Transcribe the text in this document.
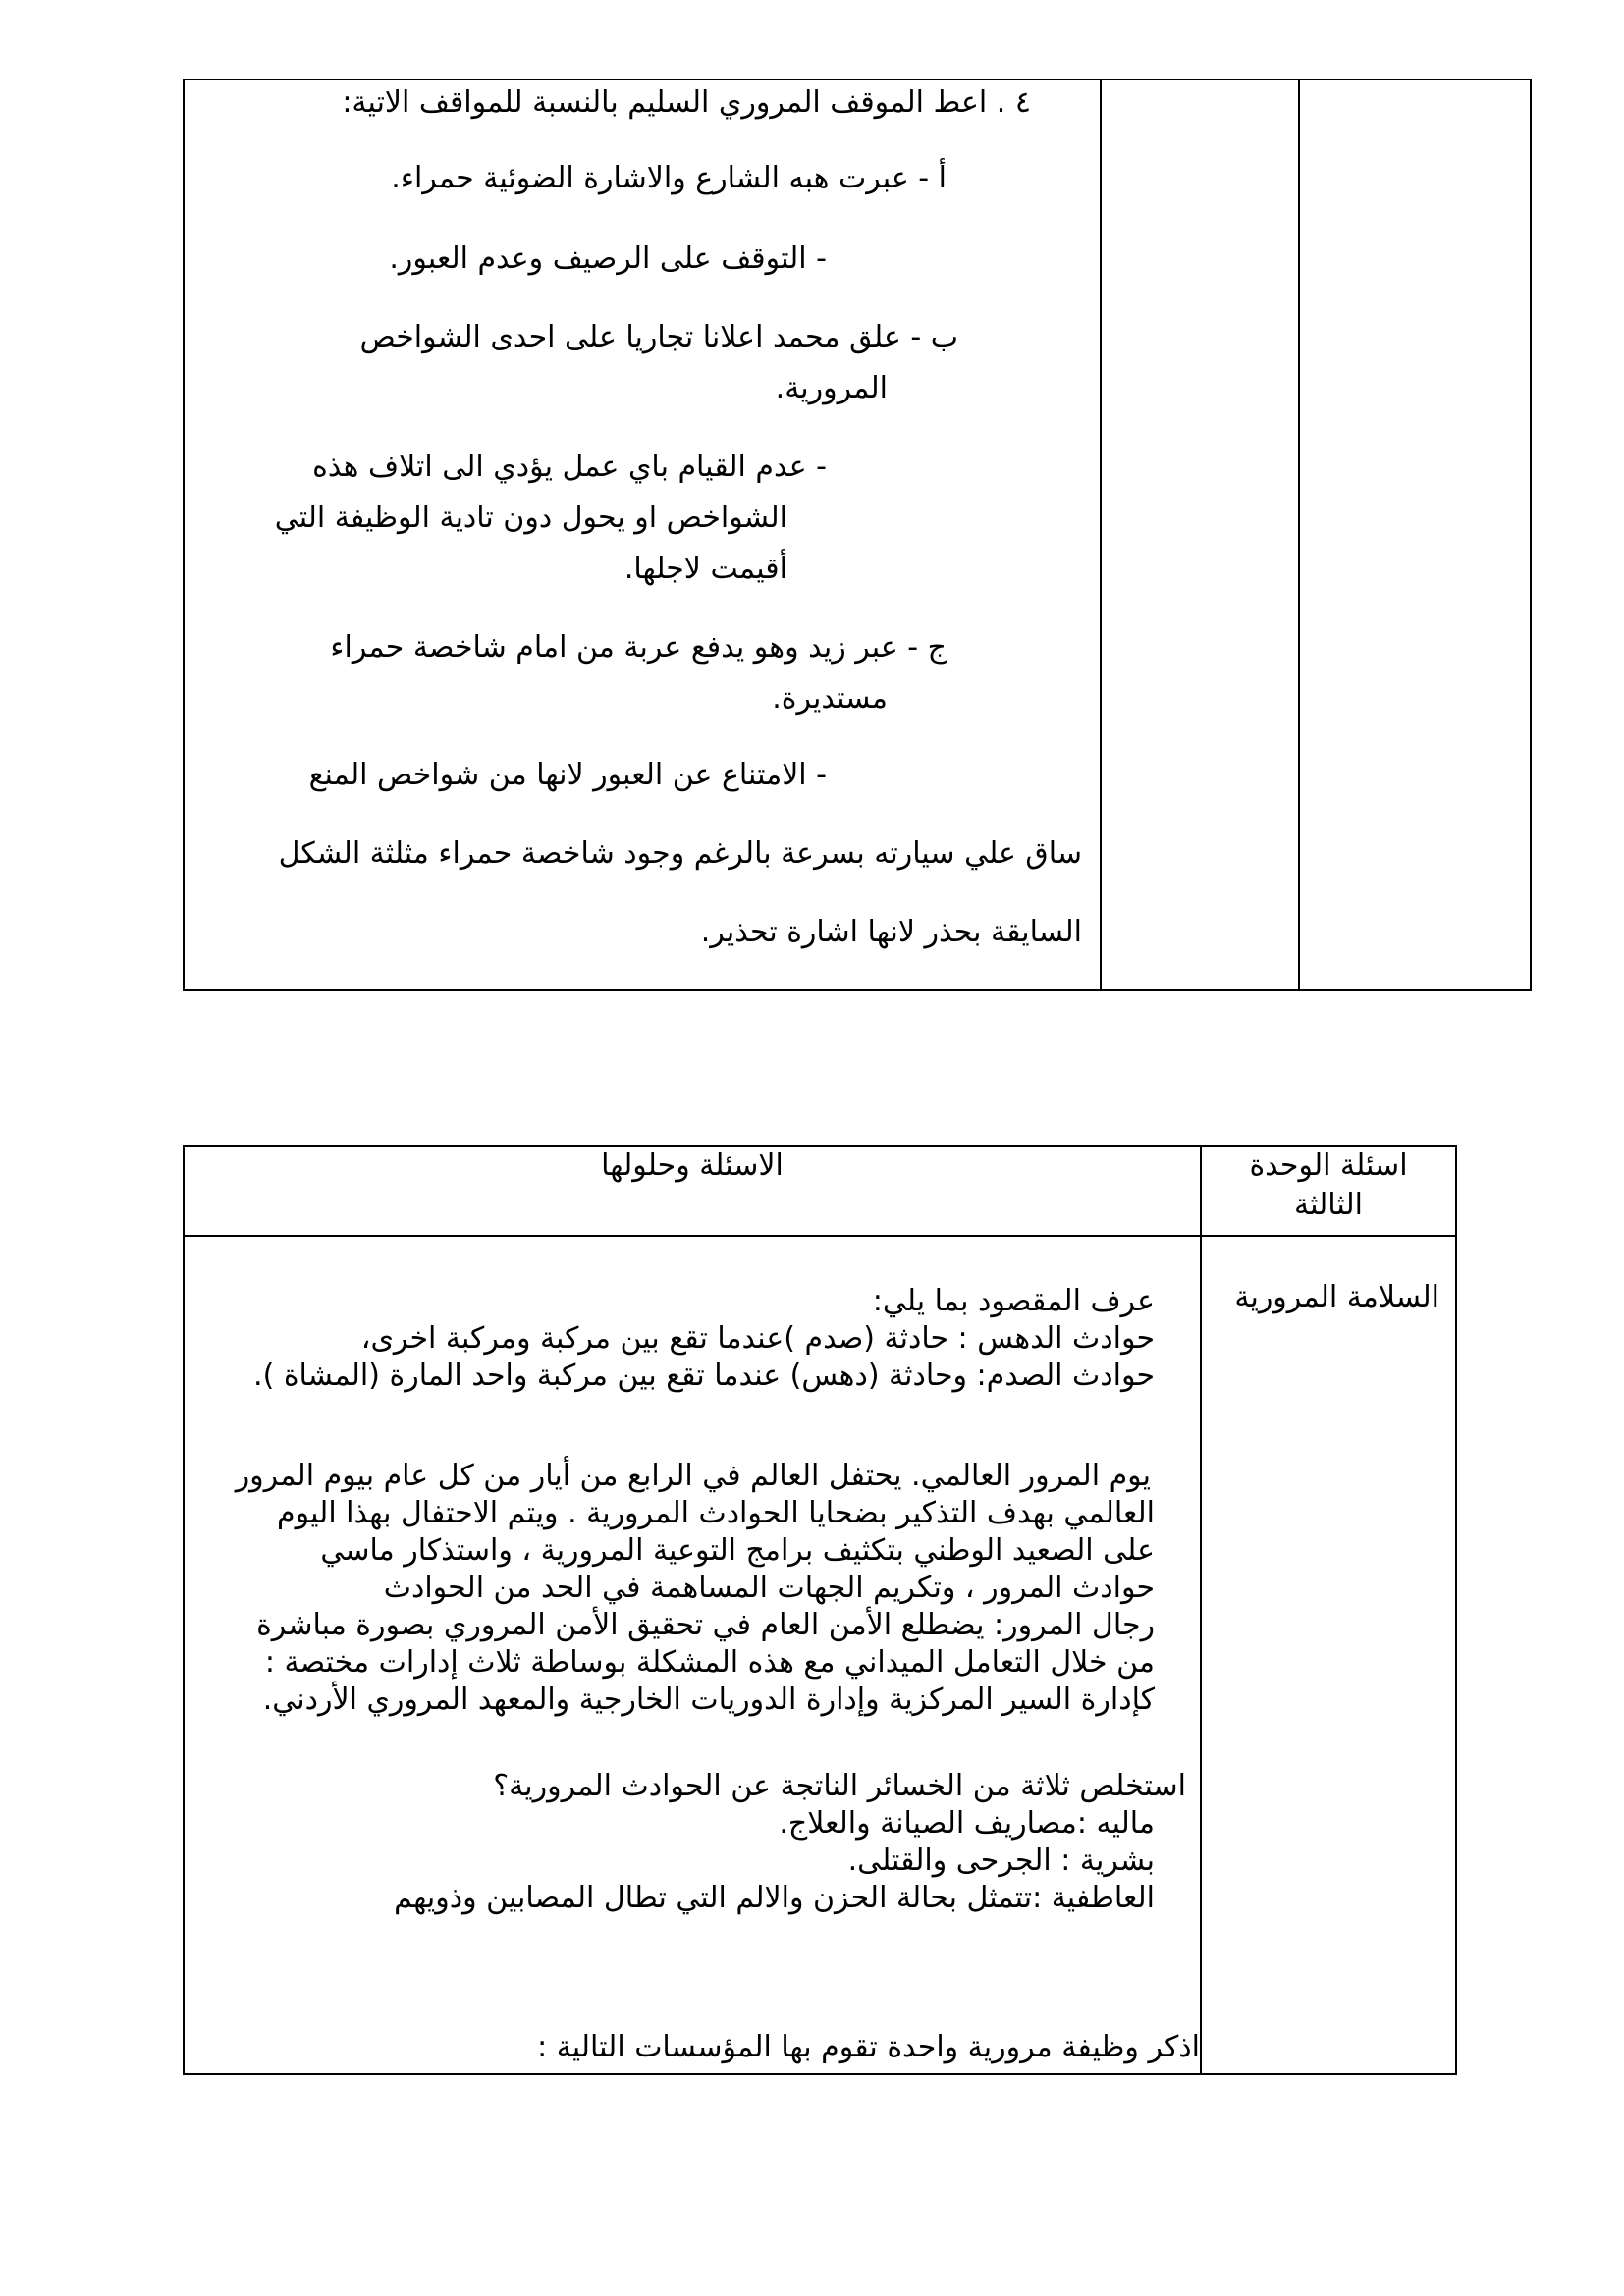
٤ . اعط الموقف المروري السليم بالنسبة للمواقف الاتية:
أ - عبرت هبه الشارع والاشارة الضوئية حمراء.
- التوقف على الرصيف وعدم العبور.
ب - علق محمد اعلانا تجاريا على احدى الشواخص
المرورية.
- عدم القيام باي عمل يؤدي الى اتلاف هذه
الشواخص او يحول دون تادية الوظيفة التي
أقيمت لاجلها.
ج - عبر زيد وهو يدفع عربة من امام شاخصة حمراء
مستديرة.
- الامتناع عن العبور لانها من شواخص المنع
ساق علي سيارته بسرعة بالرغم وجود شاخصة حمراء مثلثة الشكل
السايقة بحذر لانها اشارة تحذير.
الاسئلة وحلولها	اسئلة الوحدة
الثالثة
السلامة المرورية
عرف المقصود بما يلي:
حوادث الدهس : حادثة (صدم )عندما تقع بين مركبة ومركبة اخرى،
حوادث الصدم: وحادثة (دهس) عندما تقع بين مركبة واحد المارة (المشاة ).
يوم المرور العالمي. يحتفل العالم في الرابع من أيار من كل عام بيوم المرور
العالمي بهدف التذكير بضحايا الحوادث المرورية . ويتم الاحتفال بهذا اليوم
على الصعيد الوطني بتكثيف برامج التوعية المرورية ، واستذكار ماسي
حوادث المرور ، وتكريم الجهات المساهمة في الحد من الحوادث
رجال المرور: يضطلع الأمن العام في تحقيق الأمن المروري بصورة مباشرة
من خلال التعامل الميداني مع هذه المشكلة بوساطة ثلاث إدارات مختصة :
كإدارة السير المركزية وإدارة الدوريات الخارجية والمعهد المروري الأردني.
استخلص ثلاثة من الخسائر الناتجة عن الحوادث المرورية؟
ماليه :مصاريف الصيانة والعلاج.
بشرية : الجرحى والقتلى.
العاطفية :تتمثل بحالة الحزن والالم التي تطال المصابين وذويهم
اذكر وظيفة مرورية واحدة تقوم بها المؤسسات التالية :
